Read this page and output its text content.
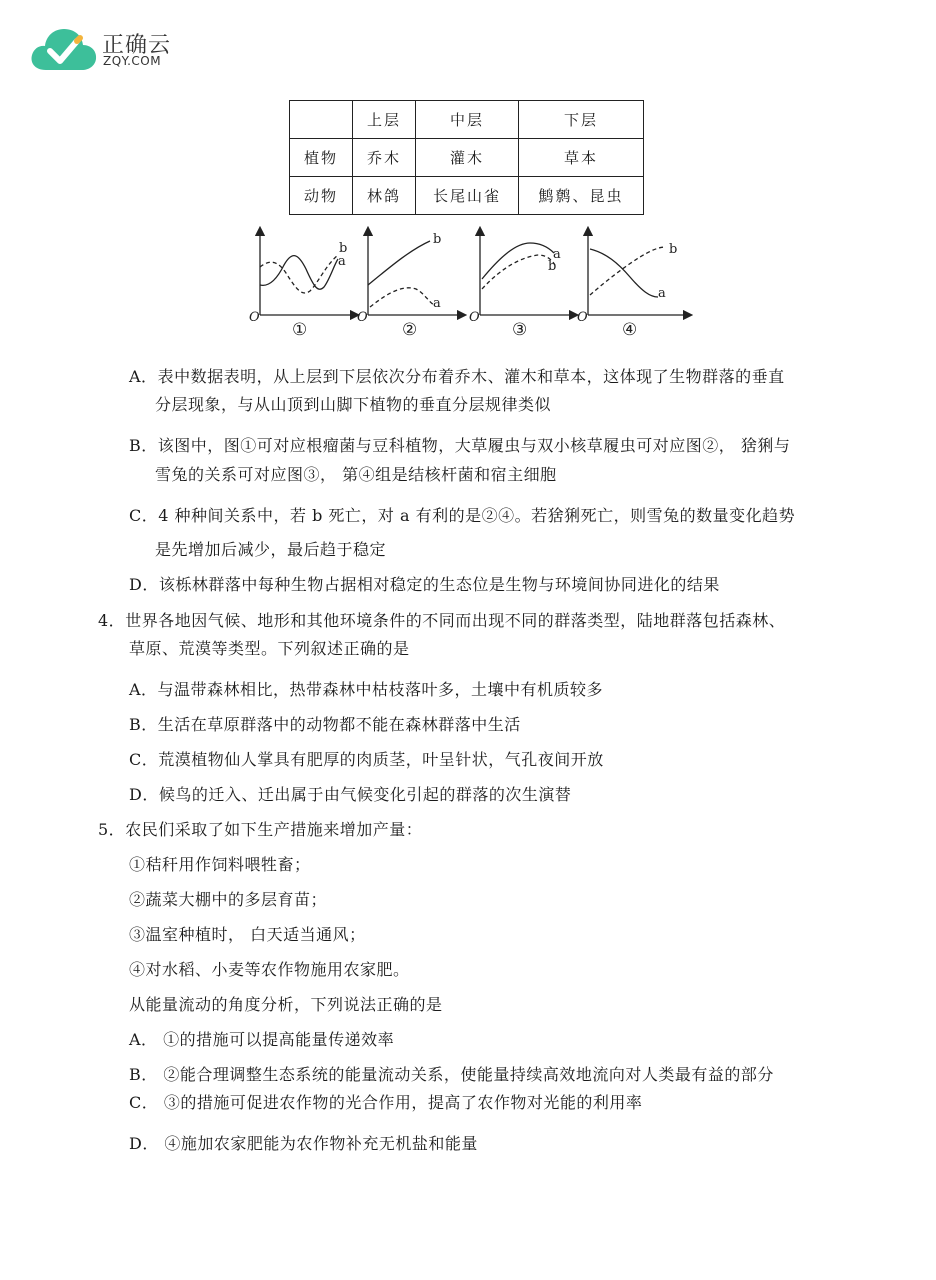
正确云
ZQY.COM
	上层	中层	下层
植物	乔木	灌木	草本
动物	林鸽	长尾山雀	鹪鹩、昆虫
O	O	O	O
b
a
b
a
a
b
b
a
①	②	③	④
A．表中数据表明，从上层到下层依次分布着乔木、灌木和草本，这体现了生物群落的垂直
分层现象，与从山顶到山脚下植物的垂直分层规律类似
B．该图中，图①可对应根瘤菌与豆科植物，大草履虫与双小核草履虫可对应图②， 猞猁与
雪兔的关系可对应图③， 第④组是结核杆菌和宿主细胞
C．4 种种间关系中，若 b 死亡，对 a 有利的是②④。若猞猁死亡，则雪兔的数量变化趋势
是先增加后减少，最后趋于稳定
D．该栎林群落中每种生物占据相对稳定的生态位是生物与环境间协同进化的结果
4．世界各地因气候、地形和其他环境条件的不同而出现不同的群落类型，陆地群落包括森林、
草原、荒漠等类型。下列叙述正确的是
A．与温带森林相比，热带森林中枯枝落叶多，土壤中有机质较多
B．生活在草原群落中的动物都不能在森林群落中生活
C．荒漠植物仙人掌具有肥厚的肉质茎，叶呈针状，气孔夜间开放
D．候鸟的迁入、迁出属于由气候变化引起的群落的次生演替
5．农民们采取了如下生产措施来增加产量：
①秸秆用作饲料喂牲畜；
②蔬菜大棚中的多层育苗；
③温室种植时， 白天适当通风；
④对水稻、小麦等农作物施用农家肥。
从能量流动的角度分析，下列说法正确的是
A． ①的措施可以提高能量传递效率
B． ②能合理调整生态系统的能量流动关系，使能量持续高效地流向对人类最有益的部分
C． ③的措施可促进农作物的光合作用，提高了农作物对光能的利用率
D． ④施加农家肥能为农作物补充无机盐和能量
